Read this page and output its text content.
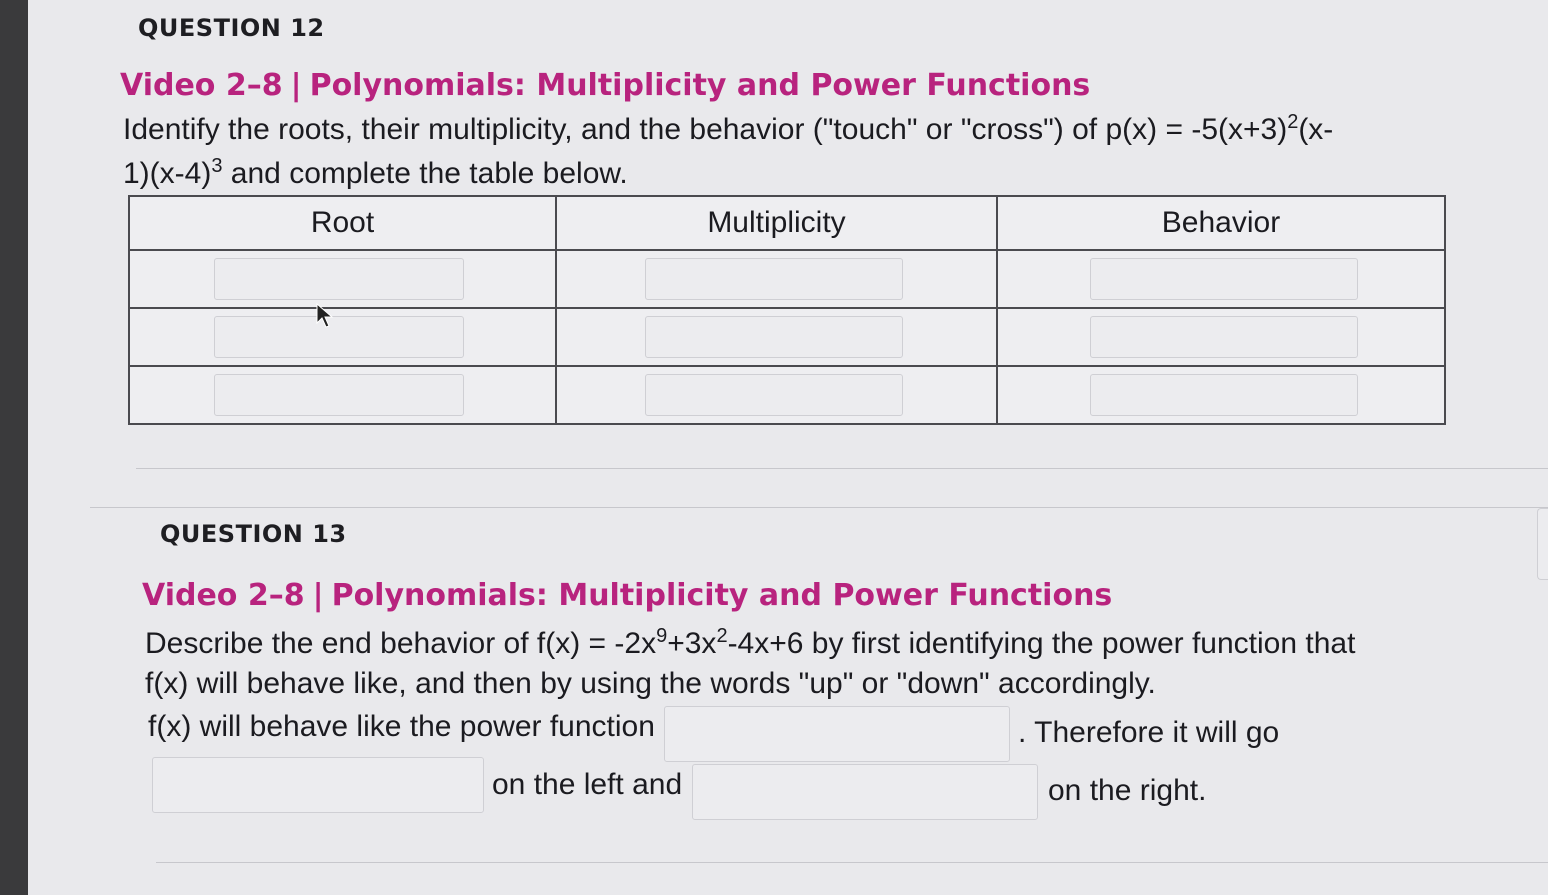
QUESTION 12
Video 2–8 | Polynomials: Multiplicity and Power Functions
Identify the roots, their multiplicity, and the behavior ("touch" or "cross") of $p(x) = -5(x+3)^2(x-$
$1)(x-4)^3$ and complete the table below.
Root	Multiplicity	Behavior

QUESTION 13
Video 2–8 | Polynomials: Multiplicity and Power Functions
Describe the end behavior of $f(x) = -2x^9+3x^2-4x+6$ by first identifying the power function that
f(x) will behave like, and then by using the words "up" or "down" accordingly.
f(x) will behave like the power function	. Therefore it will go
on the left and	on the right.
